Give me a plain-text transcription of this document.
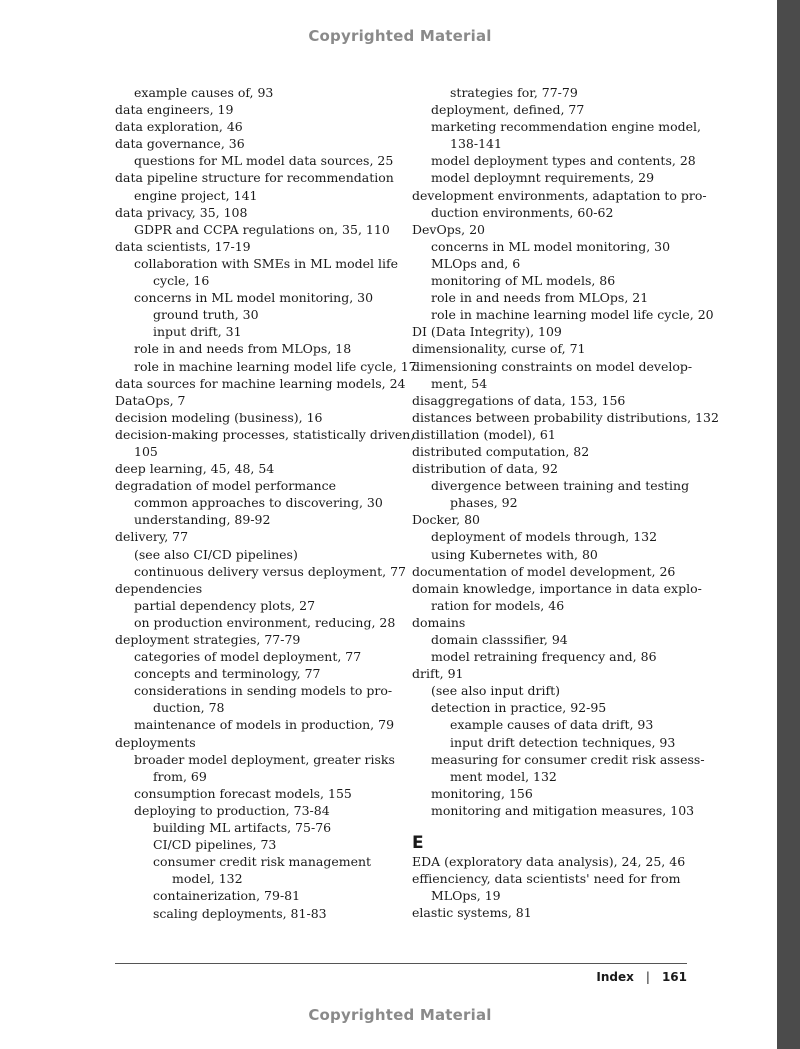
Copyrighted Material
example causes of, 93
data engineers, 19
data exploration, 46
data governance, 36
questions for ML model data sources, 25
data pipeline structure for recommendation
engine project, 141
data privacy, 35, 108
GDPR and CCPA regulations on, 35, 110
data scientists, 17-19
collaboration with SMEs in ML model life
cycle, 16
concerns in ML model monitoring, 30
ground truth, 30
input drift, 31
role in and needs from MLOps, 18
role in machine learning model life cycle, 17
data sources for machine learning models, 24
DataOps, 7
decision modeling (business), 16
decision-making processes, statistically driven,
105
deep learning, 45, 48, 54
degradation of model performance
common approaches to discovering, 30
understanding, 89-92
delivery, 77
(see also CI/CD pipelines)
continuous delivery versus deployment, 77
dependencies
partial dependency plots, 27
on production environment, reducing, 28
deployment strategies, 77-79
categories of model deployment, 77
concepts and terminology, 77
considerations in sending models to pro-
duction, 78
maintenance of models in production, 79
deployments
broader model deployment, greater risks
from, 69
consumption forecast models, 155
deploying to production, 73-84
building ML artifacts, 75-76
CI/CD pipelines, 73
consumer credit risk management
model, 132
containerization, 79-81
scaling deployments, 81-83
strategies for, 77-79
deployment, defined, 77
marketing recommendation engine model,
138-141
model deployment types and contents, 28
model deploymnt requirements, 29
development environments, adaptation to pro-
duction environments, 60-62
DevOps, 20
concerns in ML model monitoring, 30
MLOps and, 6
monitoring of ML models, 86
role in and needs from MLOps, 21
role in machine learning model life cycle, 20
DI (Data Integrity), 109
dimensionality, curse of, 71
dimensioning constraints on model develop-
ment, 54
disaggregations of data, 153, 156
distances between probability distributions, 132
distillation (model), 61
distributed computation, 82
distribution of data, 92
divergence between training and testing
phases, 92
Docker, 80
deployment of models through, 132
using Kubernetes with, 80
documentation of model development, 26
domain knowledge, importance in data explo-
ration for models, 46
domains
domain classsifier, 94
model retraining frequency and, 86
drift, 91
(see also input drift)
detection in practice, 92-95
example causes of data drift, 93
input drift detection techniques, 93
measuring for consumer credit risk assess-
ment model, 132
monitoring, 156
monitoring and mitigation measures, 103
E
EDA (exploratory data analysis), 24, 25, 46
effienciency, data scientists' need for from
MLOps, 19
elastic systems, 81
Index | 161
Copyrighted Material
